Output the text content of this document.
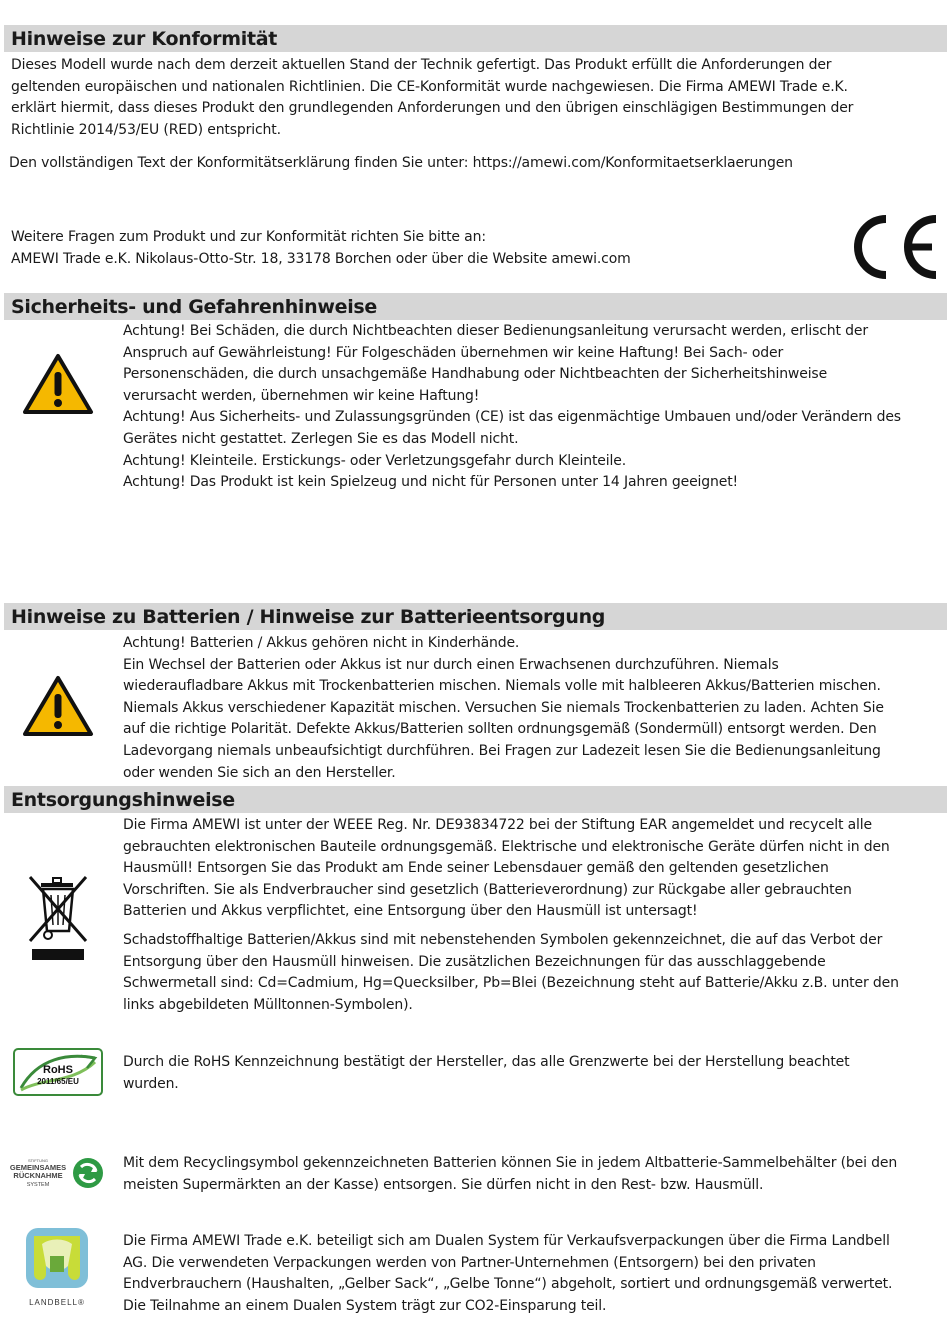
Hinweise zur Konformität
Dieses Modell wurde nach dem derzeit aktuellen Stand der Technik gefertigt. Das Produkt erfüllt die Anforderungen der
geltenden europäischen und nationalen Richtlinien. Die CE-Konformität wurde nachgewiesen. Die Firma AMEWI Trade e.K.
erklärt hiermit, dass dieses Produkt den grundlegenden Anforderungen und den übrigen einschlägigen Bestimmungen der
Richtlinie 2014/53/EU (RED) entspricht.
Den vollständigen Text der Konformitätserklärung finden Sie unter: https://amewi.com/Konformitaetserklaerungen
Weitere Fragen zum Produkt und zur Konformität richten Sie bitte an:
AMEWI Trade e.K. Nikolaus-Otto-Str. 18, 33178 Borchen oder über die Website amewi.com
Sicherheits- und Gefahrenhinweise
Achtung! Bei Schäden, die durch Nichtbeachten dieser Bedienungsanleitung verursacht werden, erlischt der
Anspruch auf Gewährleistung! Für Folgeschäden übernehmen wir keine Haftung! Bei Sach- oder
Personenschäden, die durch unsachgemäße Handhabung oder Nichtbeachten der Sicherheitshinweise
verursacht werden, übernehmen wir keine Haftung!
Achtung! Aus Sicherheits- und Zulassungsgründen (CE) ist das eigenmächtige Umbauen und/oder Verändern des
Gerätes nicht gestattet. Zerlegen Sie es das Modell nicht.
Achtung! Kleinteile. Erstickungs- oder Verletzungsgefahr durch Kleinteile.
Achtung! Das Produkt ist kein Spielzeug und nicht für Personen unter 14 Jahren geeignet!
Hinweise zu Batterien / Hinweise zur Batterieentsorgung
Achtung! Batterien / Akkus gehören nicht in Kinderhände.
Ein Wechsel der Batterien oder Akkus ist nur durch einen Erwachsenen durchzuführen. Niemals
wiederaufladbare Akkus mit Trockenbatterien mischen. Niemals volle mit halbleeren Akkus/Batterien mischen.
Niemals Akkus verschiedener Kapazität mischen. Versuchen Sie niemals Trockenbatterien zu laden. Achten Sie
auf die richtige Polarität. Defekte Akkus/Batterien sollten ordnungsgemäß (Sondermüll) entsorgt werden. Den
Ladevorgang niemals unbeaufsichtigt durchführen. Bei Fragen zur Ladezeit lesen Sie die Bedienungsanleitung
oder wenden Sie sich an den Hersteller.
Entsorgungshinweise
Die Firma AMEWI ist unter der WEEE Reg. Nr. DE93834722 bei der Stiftung EAR angemeldet und recycelt alle
gebrauchten elektronischen Bauteile ordnungsgemäß. Elektrische und elektronische Geräte dürfen nicht in den
Hausmüll! Entsorgen Sie das Produkt am Ende seiner Lebensdauer gemäß den geltenden gesetzlichen
Vorschriften. Sie als Endverbraucher sind gesetzlich (Batterieverordnung) zur Rückgabe aller gebrauchten
Batterien und Akkus verpflichtet, eine Entsorgung über den Hausmüll ist untersagt!
Schadstoffhaltige Batterien/Akkus sind mit nebenstehenden Symbolen gekennzeichnet, die auf das Verbot der
Entsorgung über den Hausmüll hinweisen. Die zusätzlichen Bezeichnungen für das ausschlaggebende
Schwermetall sind: Cd=Cadmium, Hg=Quecksilber, Pb=Blei (Bezeichnung steht auf Batterie/Akku z.B. unter den
links abgebildeten Mülltonnen-Symbolen).
RoHS
2011/65/EU
Durch die RoHS Kennzeichnung bestätigt der Hersteller, das alle Grenzwerte bei der Herstellung beachtet
wurden.
STIFTUNG
GEMEINSAMES
RÜCKNAHME
SYSTEM
Mit dem Recyclingsymbol gekennzeichneten Batterien können Sie in jedem Altbatterie-Sammelbehälter (bei den
meisten Supermärkten an der Kasse) entsorgen. Sie dürfen nicht in den Rest- bzw. Hausmüll.
LANDBELL®
Die Firma AMEWI Trade e.K. beteiligt sich am Dualen System für Verkaufsverpackungen über die Firma Landbell
AG. Die verwendeten Verpackungen werden von Partner-Unternehmen (Entsorgern) bei den privaten
Endverbrauchern (Haushalten, „Gelber Sack“, „Gelbe Tonne“) abgeholt, sortiert und ordnungsgemäß verwertet.
Die Teilnahme an einem Dualen System trägt zur CO2-Einsparung teil.
